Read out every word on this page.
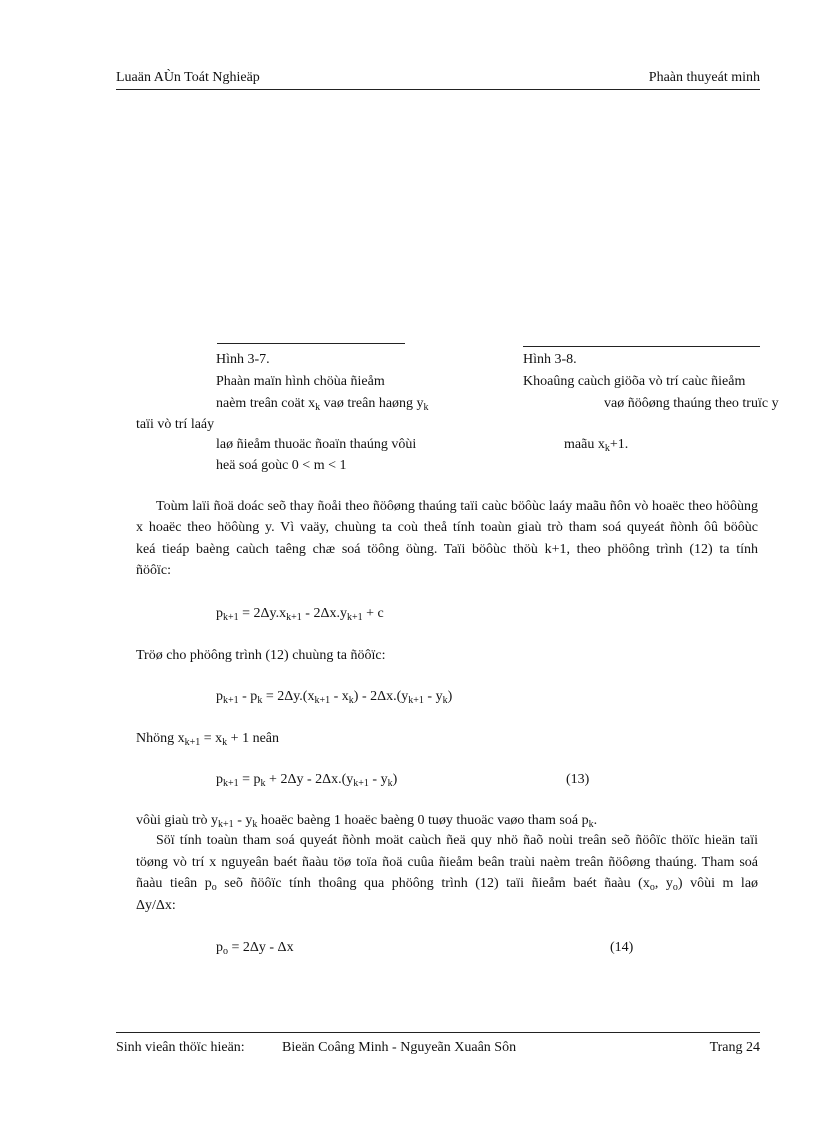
Luaän AÙn Toát Nghieäp	Phaàn thuyeát minh
Hình 3-7.
Phaàn maïn hình chöùa ñieåm
naèm treân coät $x_k$ vaø treân haøng $y_k$
taïi vò trí laáy
laø ñieåm thuoäc ñoaïn thaúng vôùi
heä soá goùc 0 < m < 1
Hình 3-8.
Khoaûng caùch giöõa vò trí caùc ñieåm
vaø ñöôøng thaúng theo truïc y
maãu $x_k+1$.
Toùm laïi ñoä doác seõ thay ñoåi theo ñöôøng thaúng taïi caùc böôùc laáy maãu ñôn vò hoaëc theo höôùng
x hoaëc theo höôùng y. Vì vaäy, chuùng ta coù theå tính toaùn giaù trò tham soá quyeát ñònh ôû böôùc
keá tieáp baèng caùch taêng chæ soá töông öùng. Taïi böôùc thöù k+1, theo phöông trình (12) ta tính
ñöôïc:
$p_{k+1} = 2\Delta y.x_{k+1} - 2\Delta x.y_{k+1} + c$
Tröø cho phöông trình (12) chuùng ta ñöôïc:
$p_{k+1} - p_k = 2\Delta y.(x_{k+1} - x_k) - 2\Delta x.(y_{k+1} - y_k)$
Nhöng $x_{k+1} = x_k + 1$ neân
$p_{k+1} = p_k + 2\Delta y - 2\Delta x.(y_{k+1} - y_k)$	(13)
vôùi giaù trò $y_{k+1} - y_k$ hoaëc baèng 1 hoaëc baèng 0 tuøy thuoäc vaøo tham soá $p_k$.
Söï tính toaùn tham soá quyeát ñònh moät caùch ñeä quy nhö ñaõ noùi treân seõ ñöôïc thöïc hieän taïi
töøng vò trí x nguyeân baét ñaàu töø toïa ñoä cuûa ñieåm beân traùi naèm treân ñöôøng thaúng. Tham soá
ñaàu tieân $p_o$ seõ ñöôïc tính thoâng qua phöông trình (12) taïi ñieåm baét ñaàu ($x_o$, $y_o$) vôùi m laø
Δy/Δx:
$p_o = 2\Delta y - \Delta x$	(14)
Sinh vieân thöïc hieän:	Bieän Coâng Minh - Nguyeãn Xuaân Sôn	Trang 24
